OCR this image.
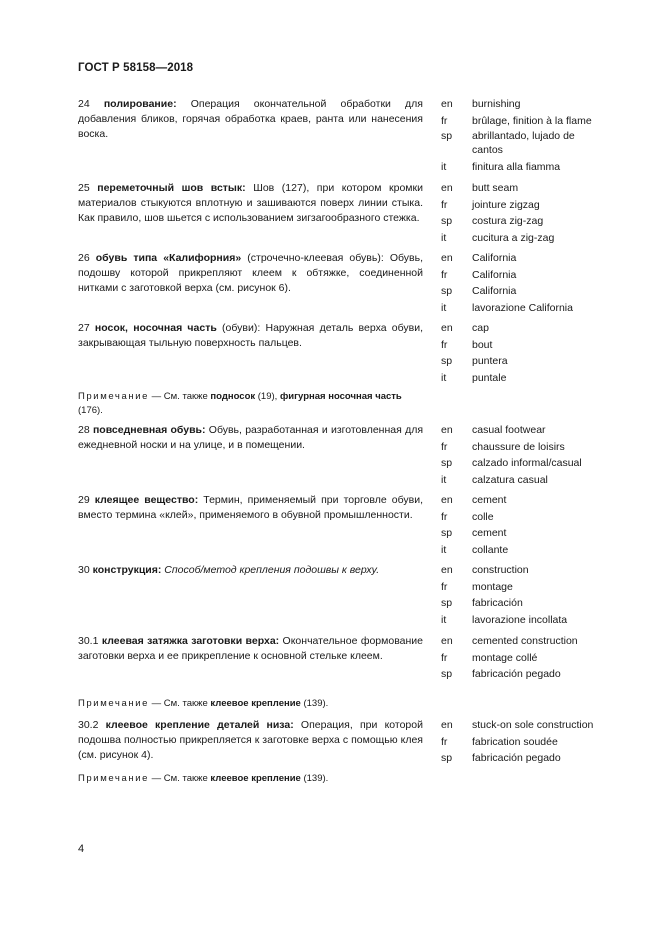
ГОСТ Р 58158—2018
24 полирование: Операция окончательной обработки для добавления бликов, горячая обработка краев, ранта или нанесения воска.
en	burnishing
fr	brûlage, finition à la flame
sp	abrillantado, lujado de cantos
it	finitura alla fiamma
25 переметочный шов встык: Шов (127), при котором кромки материалов стыкуются вплотную и зашиваются поверх линии стыка. Как правило, шов шьется с использованием зигзагообразного стежка.
en	butt seam
fr	jointure zigzag
sp	costura zig-zag
it	cucitura a zig-zag
26 обувь типа «Калифорния» (строчечно-клеевая обувь): Обувь, подошву которой прикрепляют клеем к обтяжке, соединенной нитками с заготовкой верха (см. рисунок 6).
en	California
fr	California
sp	California
it	lavorazione California
27 носок, носочная часть (обуви): Наружная деталь верха обуви, закрывающая тыльную поверхность пальцев.
en	cap
fr	bout
sp	puntera
it	puntale
Примечание — См. также подносок (19), фигурная носочная часть (176).
28 повседневная обувь: Обувь, разработанная и изготовленная для ежедневной носки и на улице, и в помещении.
en	casual footwear
fr	chaussure de loisirs
sp	calzado informal/casual
it	calzatura casual
29 клеящее вещество: Термин, применяемый при торговле обуви, вместо термина «клей», применяемого в обувной промышленности.
en	cement
fr	colle
sp	cement
it	collante
30 конструкция: Способ/метод крепления подошвы к верху.	en	construction
fr	montage
sp	fabricación
it	lavorazione incollata
30.1 клеевая затяжка заготовки верха: Окончательное формование заготовки верха и ее прикрепление к основной стельке клеем.
en	cemented construction
fr	montage collé
sp	fabricación pegado
Примечание — См. также клеевое крепление (139).
30.2 клеевое крепление деталей низа: Операция, при которой подошва полностью прикрепляется к заготовке верха с помощью клея (см. рисунок 4).
en	stuck-on sole construction
fr	fabrication soudée
sp	fabricación pegado
Примечание — См. также клеевое крепление (139).
4
